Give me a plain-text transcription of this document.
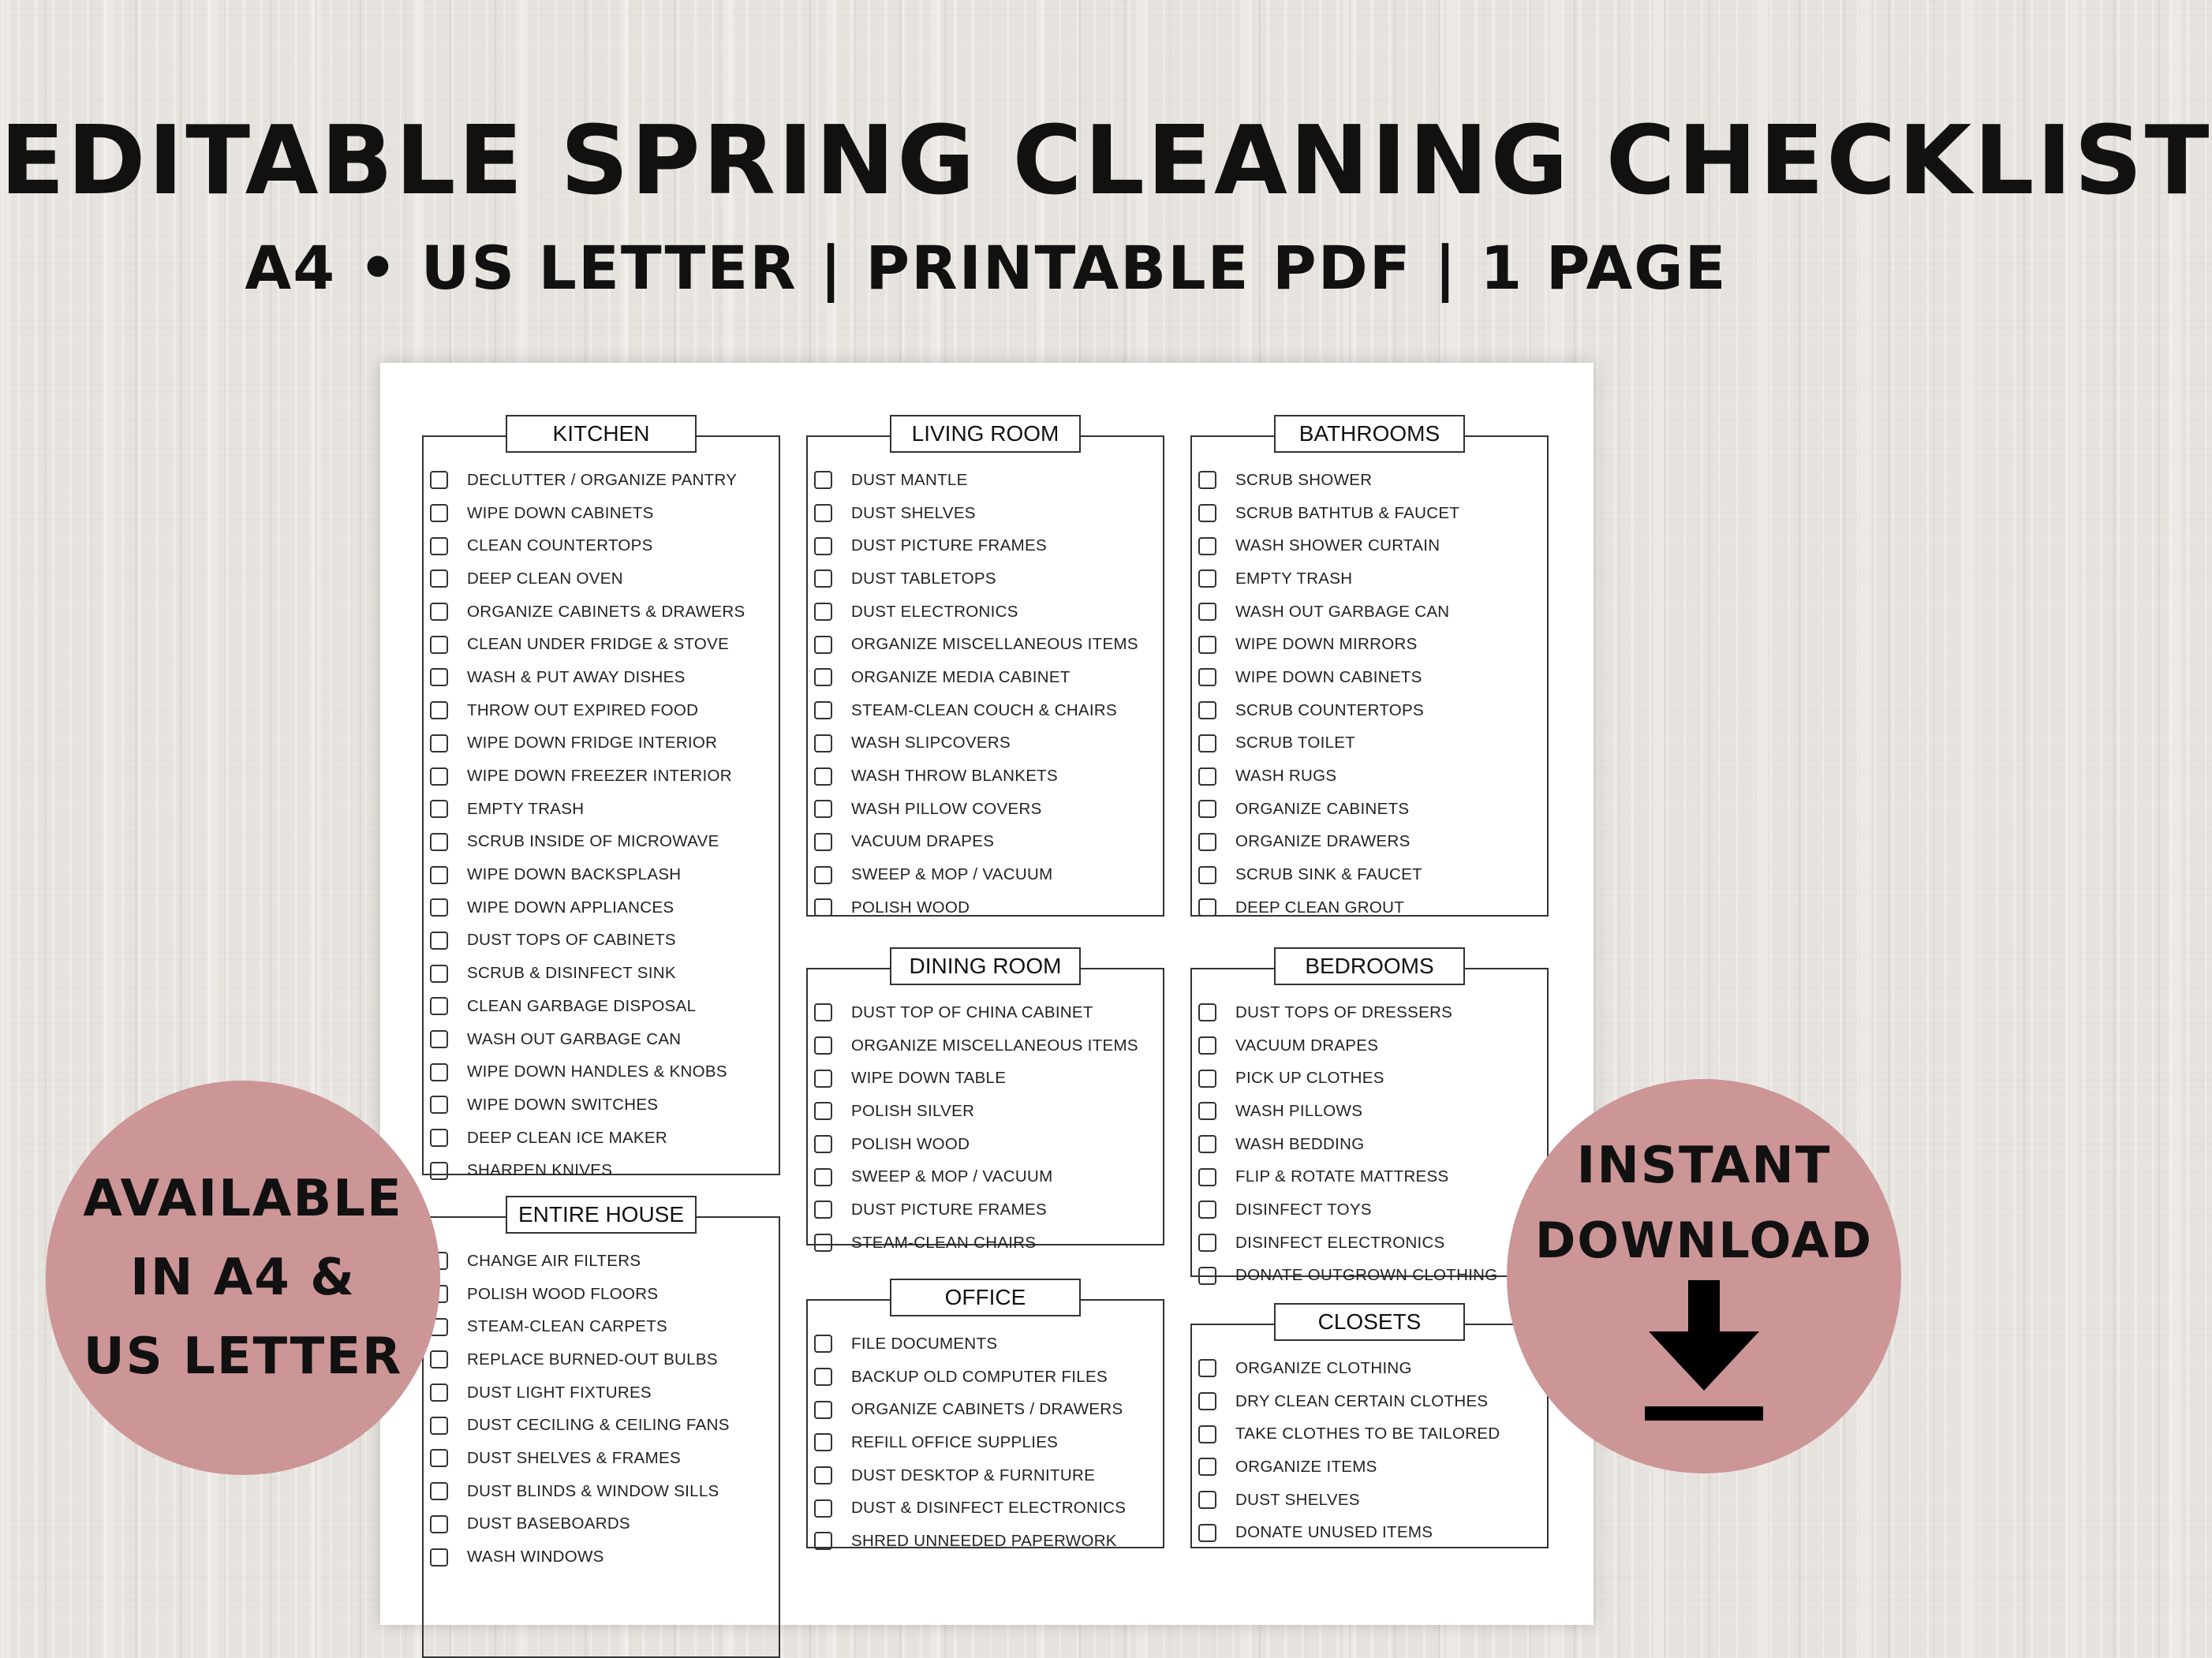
EDITABLE SPRING CLEANING CHECKLIST
A4 • US LETTER | PRINTABLE PDF | 1 PAGE
KITCHEN
DECLUTTER / ORGANIZE PANTRY
WIPE DOWN CABINETS
CLEAN COUNTERTOPS
DEEP CLEAN OVEN
ORGANIZE CABINETS & DRAWERS
CLEAN UNDER FRIDGE & STOVE
WASH & PUT AWAY DISHES
THROW OUT EXPIRED FOOD
WIPE DOWN FRIDGE INTERIOR
WIPE DOWN FREEZER INTERIOR
EMPTY TRASH
SCRUB INSIDE OF MICROWAVE
WIPE DOWN BACKSPLASH
WIPE DOWN APPLIANCES
DUST TOPS OF CABINETS
SCRUB & DISINFECT SINK
CLEAN GARBAGE DISPOSAL
WASH OUT GARBAGE CAN
WIPE DOWN HANDLES & KNOBS
WIPE DOWN SWITCHES
DEEP CLEAN ICE MAKER
SHARPEN KNIVES
LIVING ROOM
DUST MANTLE
DUST SHELVES
DUST PICTURE FRAMES
DUST TABLETOPS
DUST ELECTRONICS
ORGANIZE MISCELLANEOUS ITEMS
ORGANIZE MEDIA CABINET
STEAM-CLEAN COUCH & CHAIRS
WASH SLIPCOVERS
WASH THROW BLANKETS
WASH PILLOW COVERS
VACUUM DRAPES
SWEEP & MOP / VACUUM
POLISH WOOD
BATHROOMS
SCRUB SHOWER
SCRUB BATHTUB & FAUCET
WASH SHOWER CURTAIN
EMPTY TRASH
WASH OUT GARBAGE CAN
WIPE DOWN MIRRORS
WIPE DOWN CABINETS
SCRUB COUNTERTOPS
SCRUB TOILET
WASH RUGS
ORGANIZE CABINETS
ORGANIZE DRAWERS
SCRUB SINK & FAUCET
DEEP CLEAN GROUT
DINING ROOM
DUST TOP OF CHINA CABINET
ORGANIZE MISCELLANEOUS ITEMS
WIPE DOWN TABLE
POLISH SILVER
POLISH WOOD
SWEEP & MOP / VACUUM
DUST PICTURE FRAMES
STEAM-CLEAN CHAIRS
BEDROOMS
DUST TOPS OF DRESSERS
VACUUM DRAPES
PICK UP CLOTHES
WASH PILLOWS
WASH BEDDING
FLIP & ROTATE MATTRESS
DISINFECT TOYS
DISINFECT ELECTRONICS
DONATE OUTGROWN CLOTHING
ENTIRE HOUSE
CHANGE AIR FILTERS
POLISH WOOD FLOORS
STEAM-CLEAN CARPETS
REPLACE BURNED-OUT BULBS
DUST LIGHT FIXTURES
DUST CECILING & CEILING FANS
DUST SHELVES & FRAMES
DUST BLINDS & WINDOW SILLS
DUST BASEBOARDS
WASH WINDOWS
OFFICE
FILE DOCUMENTS
BACKUP OLD COMPUTER FILES
ORGANIZE CABINETS / DRAWERS
REFILL OFFICE SUPPLIES
DUST DESKTOP & FURNITURE
DUST & DISINFECT ELECTRONICS
SHRED UNNEEDED PAPERWORK
CLOSETS
ORGANIZE CLOTHING
DRY CLEAN CERTAIN CLOTHES
TAKE CLOTHES TO BE TAILORED
ORGANIZE ITEMS
DUST SHELVES
DONATE UNUSED ITEMS
AVAILABLE
IN A4 &
US LETTER
INSTANT
DOWNLOAD
